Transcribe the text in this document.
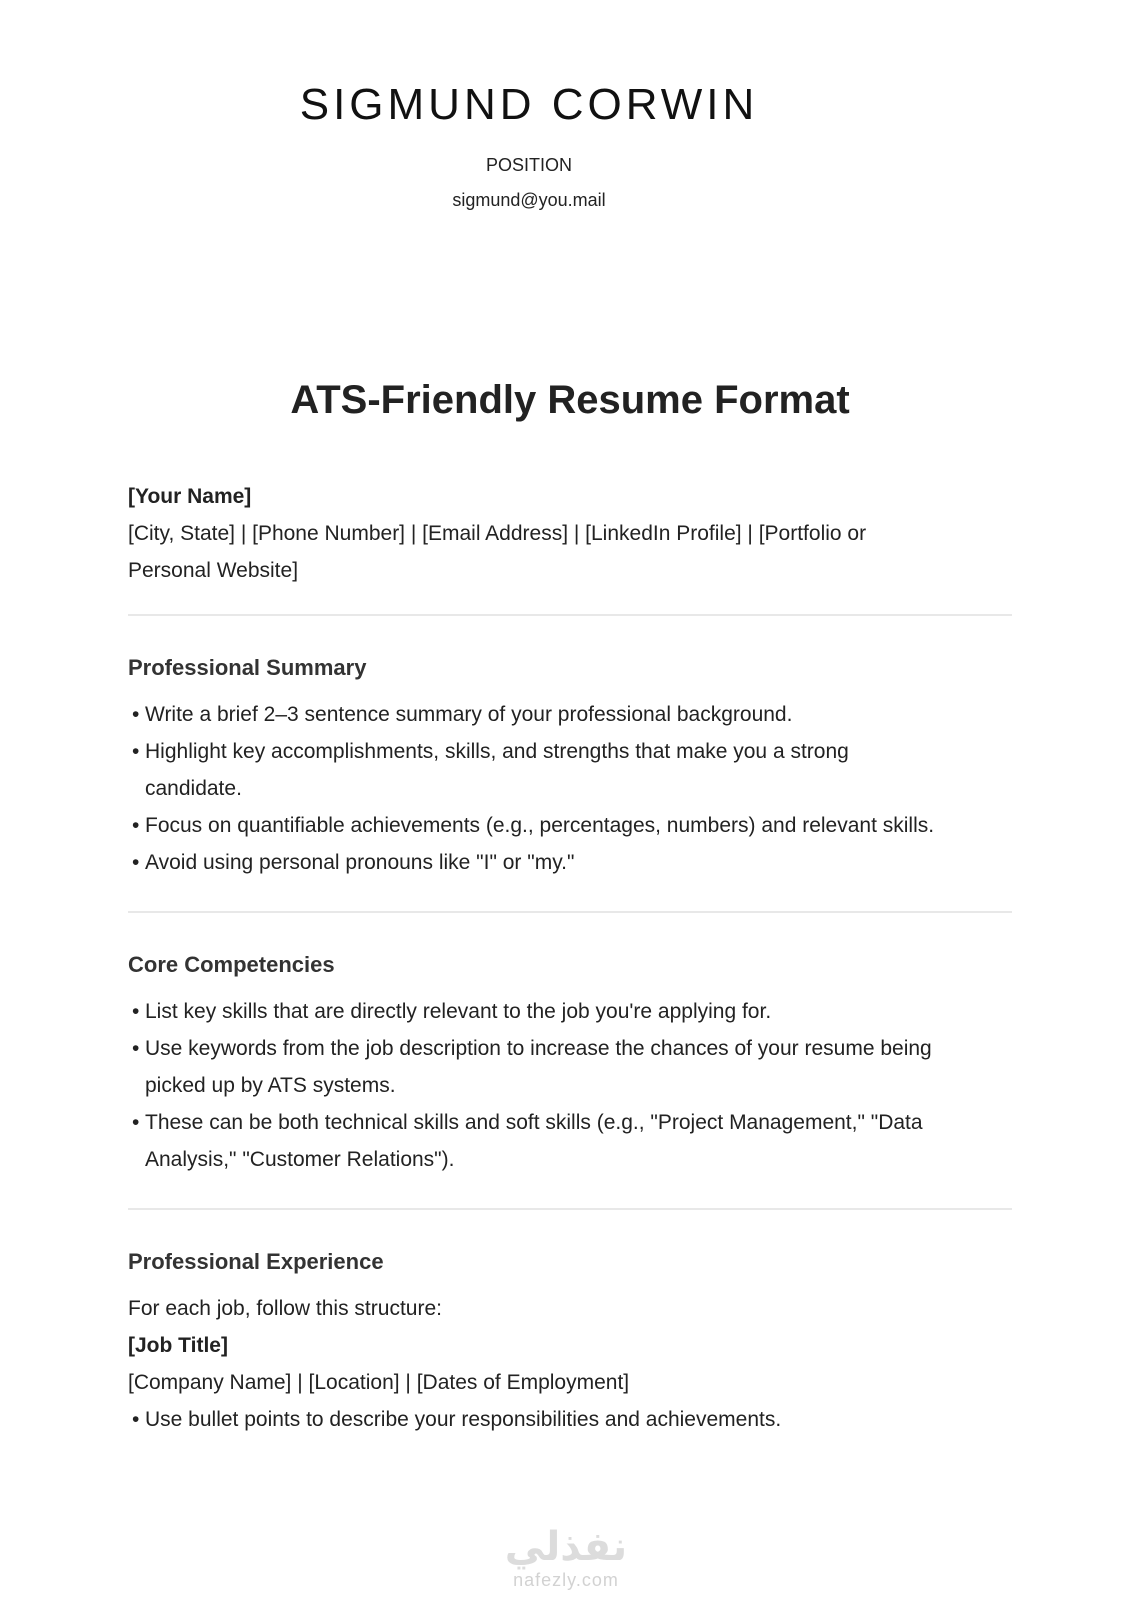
SIGMUND CORWIN
POSITION
sigmund@you.mail
ATS-Friendly Resume Format
[Your Name]
[City, State] | [Phone Number] | [Email Address] | [LinkedIn Profile] | [Portfolio or
Personal Website]
Professional Summary
• Write a brief 2–3 sentence summary of your professional background.
• Highlight key accomplishments, skills, and strengths that make you a strong
candidate.
• Focus on quantifiable achievements (e.g., percentages, numbers) and relevant skills.
• Avoid using personal pronouns like "I" or "my."
Core Competencies
• List key skills that are directly relevant to the job you're applying for.
• Use keywords from the job description to increase the chances of your resume being
picked up by ATS systems.
• These can be both technical skills and soft skills (e.g., "Project Management," "Data
Analysis," "Customer Relations").
Professional Experience
For each job, follow this structure:
[Job Title]
[Company Name] | [Location] | [Dates of Employment]
• Use bullet points to describe your responsibilities and achievements.
نفذلي
nafezly.com
